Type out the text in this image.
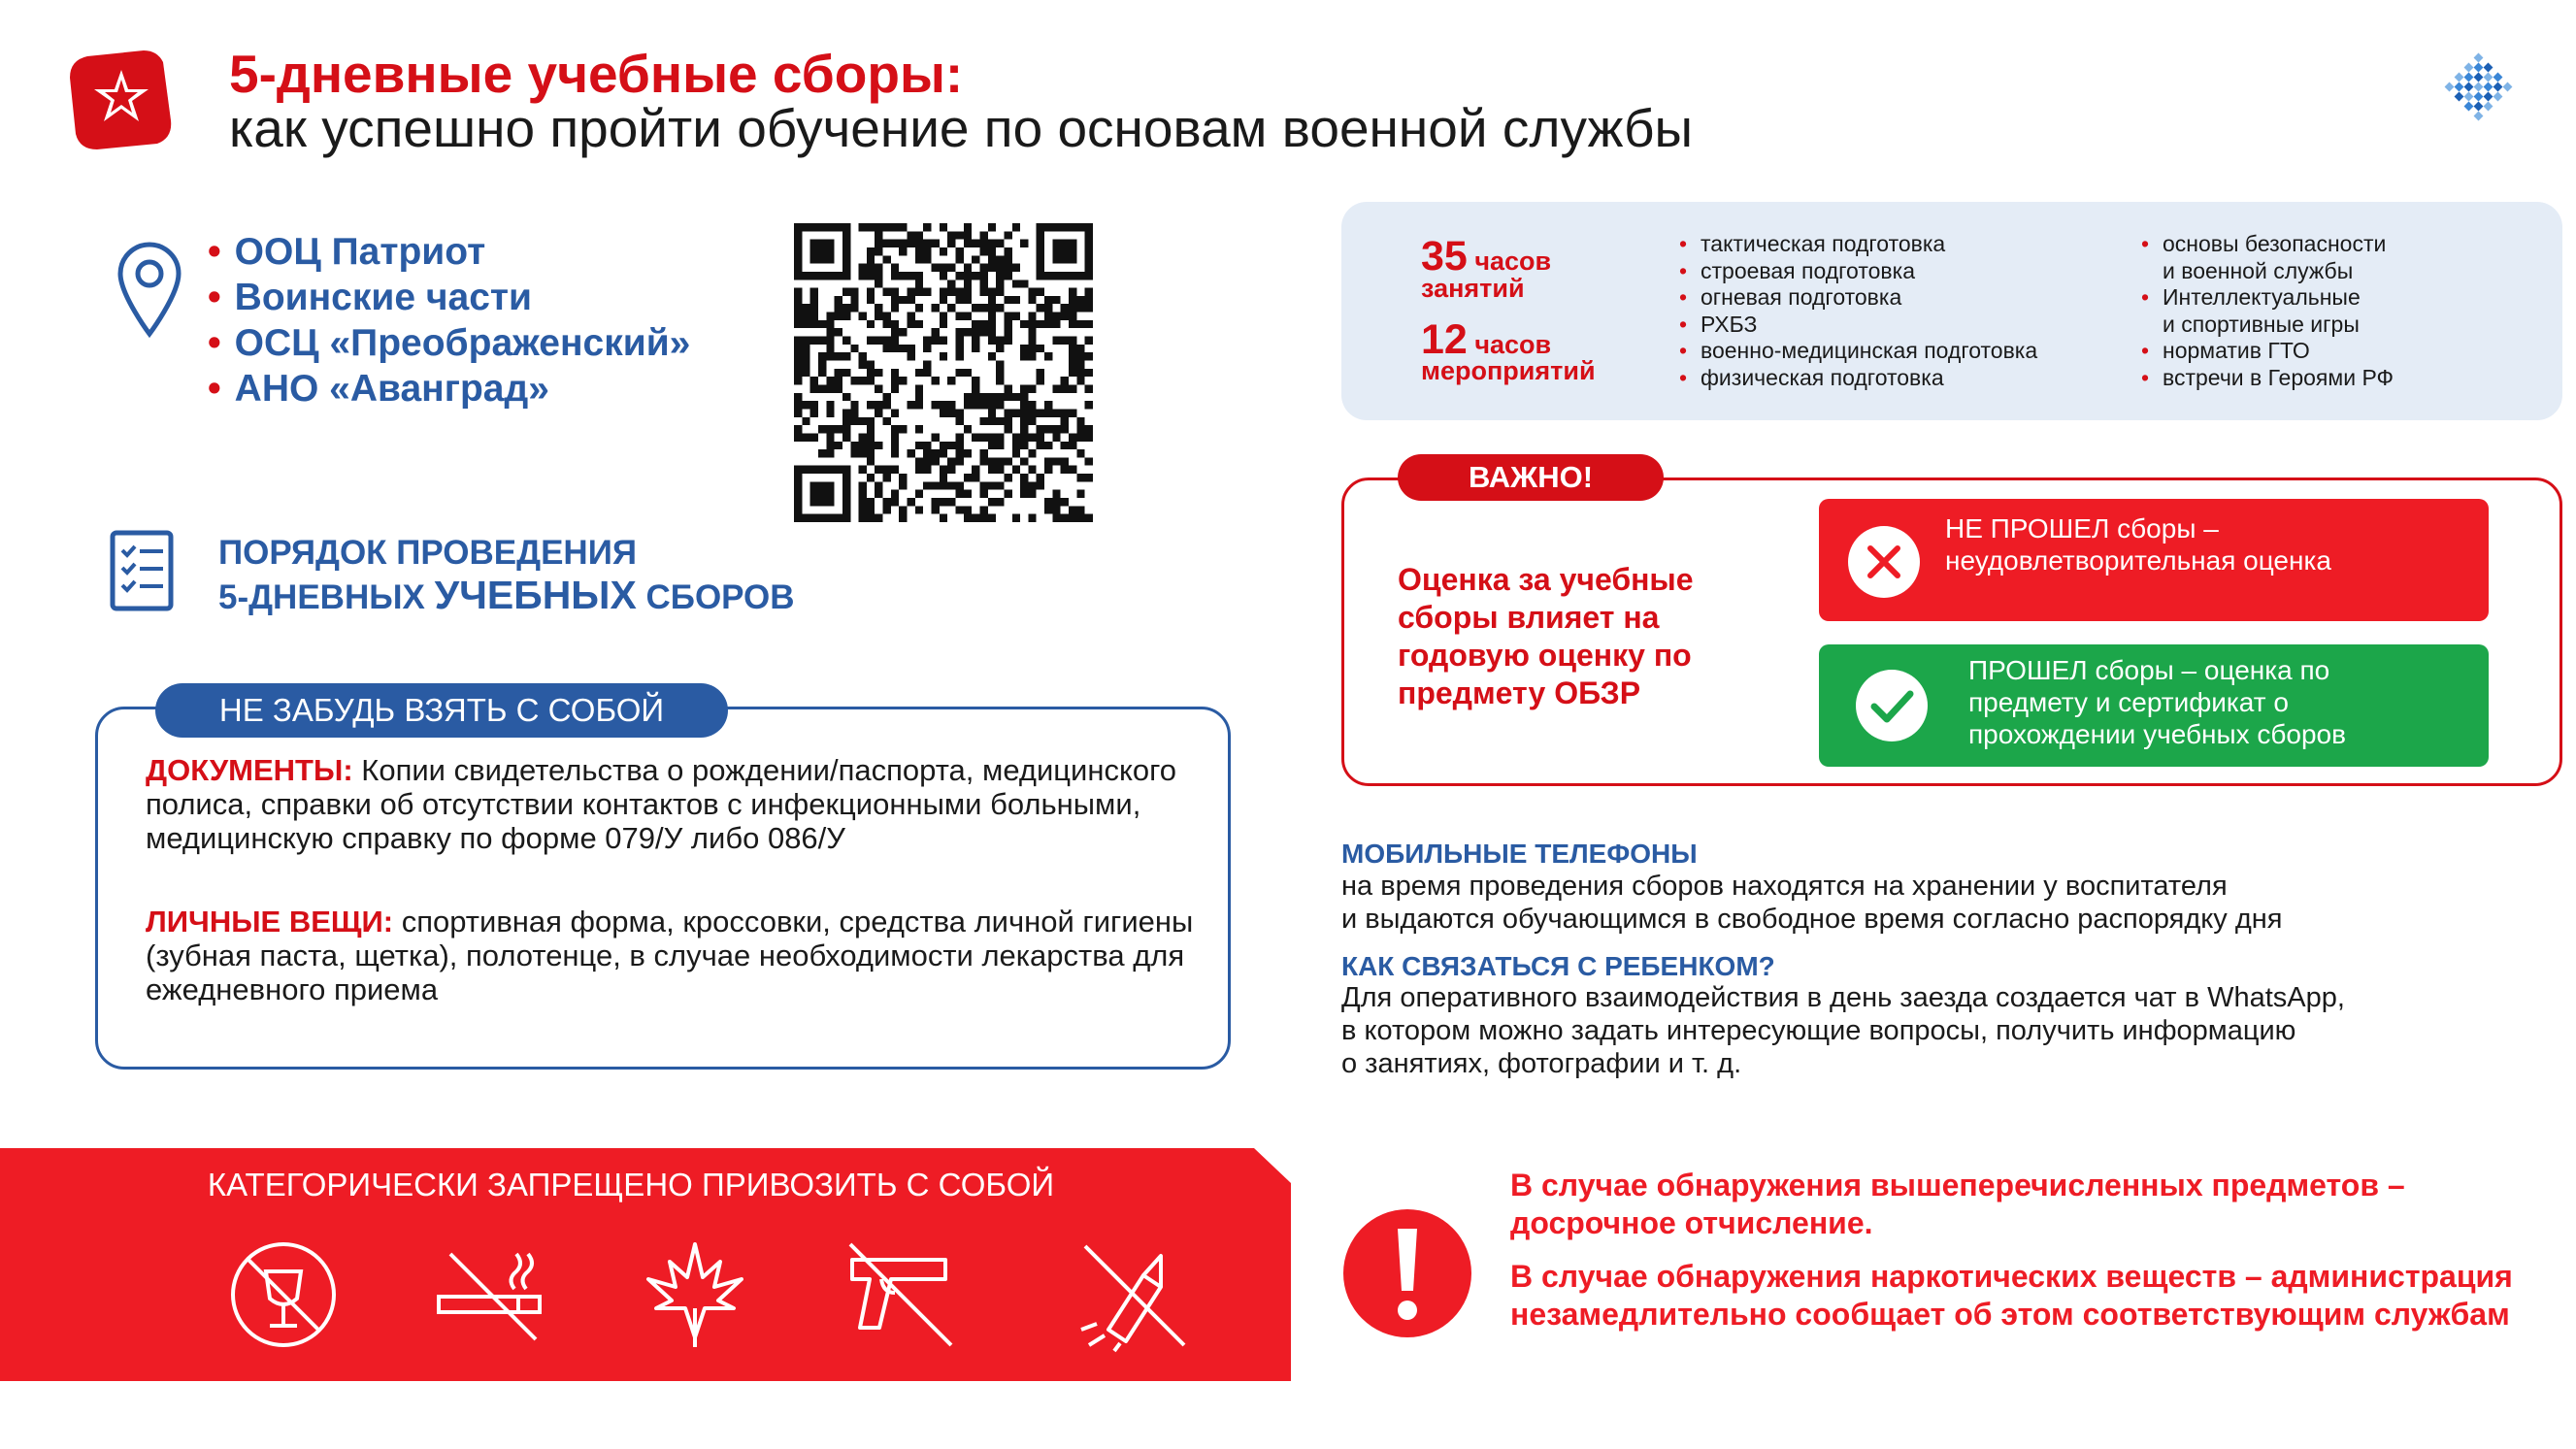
5-дневные учебные сборы:
как успешно пройти обучение по основам военной службы
• ООЦ Патриот
• Воинские части
• ОСЦ «Преображенский»
• АНО «Аванград»
ПОРЯДОК ПРОВЕДЕНИЯ
5-ДНЕВНЫХ УЧЕБНЫХ СБОРОВ
НЕ ЗАБУДЬ ВЗЯТЬ С СОБОЙ
ДОКУМЕНТЫ: Копии свидетельства о рождении/паспорта, медицинского полиса, справки об отсутствии контактов с инфекционными больными, медицинскую справку по форме 079/У либо 086/У
ЛИЧНЫЕ ВЕЩИ: спортивная форма, кроссовки, средства личной гигиены (зубная паста, щетка), полотенце, в случае необходимости лекарства для ежедневного приема
КАТЕГОРИЧЕСКИ ЗАПРЕЩЕНО ПРИВОЗИТЬ С СОБОЙ
35 часов
занятий
12 часов
мероприятий
• тактическая подготовка
• строевая подготовка
• огневая подготовка
• РХБЗ
• военно-медицинская подготовка
• физическая подготовка
• основы безопасности
и военной службы
• Интеллектуальные
и спортивные игры
• норматив ГТО
• встречи в Героями РФ
ВАЖНО!
Оценка за учебные сборы влияет на годовую оценку по предмету ОБЗР
НЕ ПРОШЕЛ сборы – неудовлетворительная оценка
ПРОШЕЛ сборы – оценка по предмету и сертификат о прохождении учебных сборов
МОБИЛЬНЫЕ ТЕЛЕФОНЫ
на время проведения сборов находятся на хранении у воспитателя
и выдаются обучающимся в свободное время согласно распорядку дня
КАК СВЯЗАТЬСЯ С РЕБЕНКОМ?
Для оперативного взаимодействия в день заезда создается чат в WhatsApp,
в котором можно задать интересующие вопросы, получить информацию
о занятиях, фотографии и т. д.
В случае обнаружения вышеперечисленных предметов – досрочное отчисление.
В случае обнаружения наркотических веществ – администрация незамедлительно сообщает об этом соответствующим службам
